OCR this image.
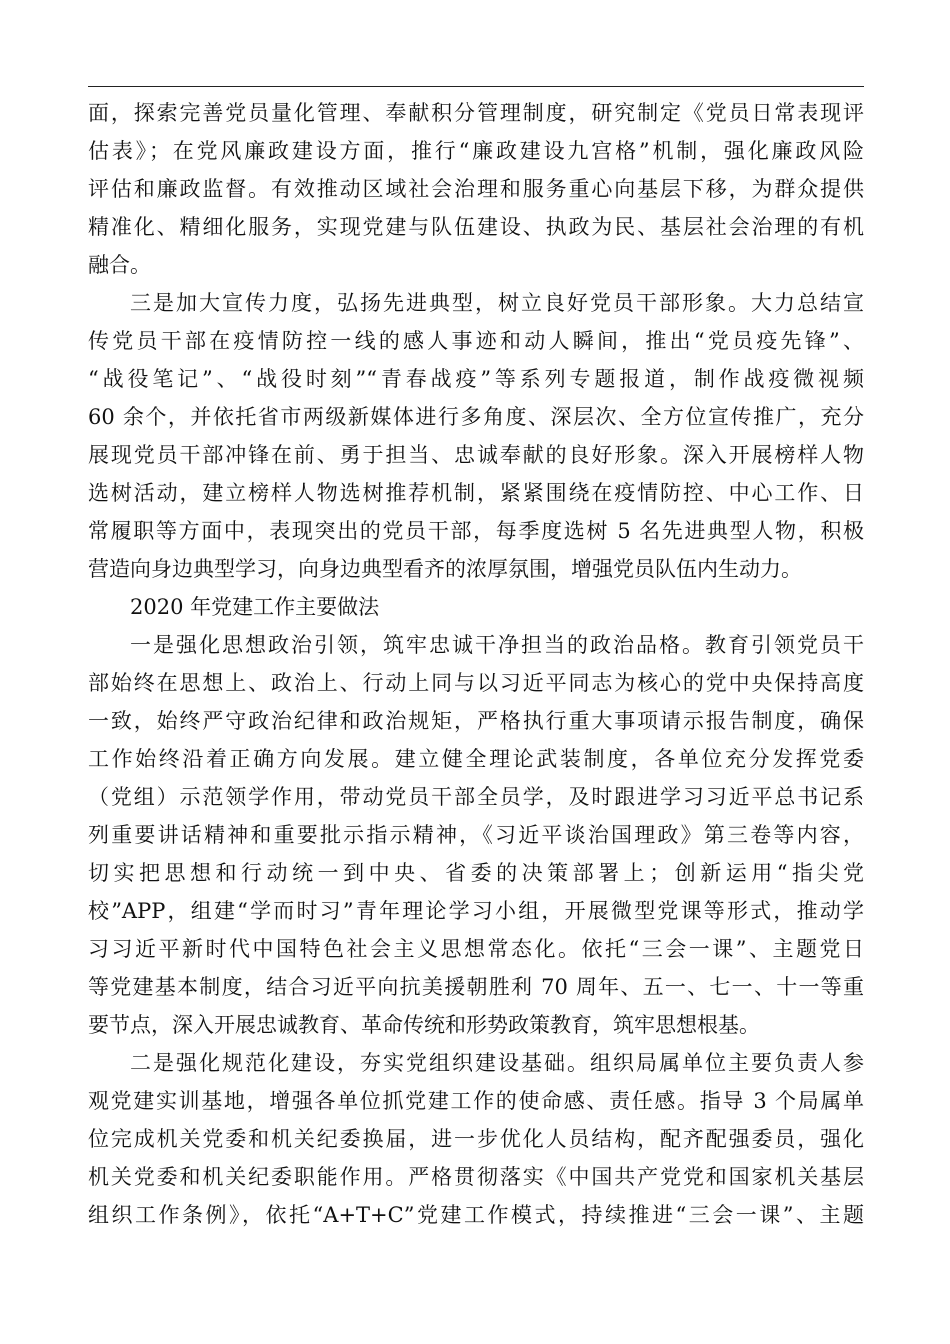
面，探索完善党员量化管理、奉献积分管理制度，研究制定《党员日常表现评
估表》；在党风廉政建设方面，推行“廉政建设九宫格”机制，强化廉政风险
评估和廉政监督。有效推动区域社会治理和服务重心向基层下移，为群众提供
精准化、精细化服务，实现党建与队伍建设、执政为民、基层社会治理的有机
融合。
三是加大宣传力度，弘扬先进典型，树立良好党员干部形象。大力总结宣
传党员干部在疫情防控一线的感人事迹和动人瞬间，推出“党员疫先锋”、
“战役笔记”、“战役时刻”“青春战疫”等系列专题报道，制作战疫微视频
60 余个，并依托省市两级新媒体进行多角度、深层次、全方位宣传推广，充分
展现党员干部冲锋在前、勇于担当、忠诚奉献的良好形象。深入开展榜样人物
选树活动，建立榜样人物选树推荐机制，紧紧围绕在疫情防控、中心工作、日
常履职等方面中，表现突出的党员干部，每季度选树 5 名先进典型人物，积极
营造向身边典型学习，向身边典型看齐的浓厚氛围，增强党员队伍内生动力。
2020 年党建工作主要做法
一是强化思想政治引领，筑牢忠诚干净担当的政治品格。教育引领党员干
部始终在思想上、政治上、行动上同与以习近平同志为核心的党中央保持高度
一致，始终严守政治纪律和政治规矩，严格执行重大事项请示报告制度，确保
工作始终沿着正确方向发展。建立健全理论武装制度，各单位充分发挥党委
（党组）示范领学作用，带动党员干部全员学，及时跟进学习习近平总书记系
列重要讲话精神和重要批示指示精神，《习近平谈治国理政》第三卷等内容，
切实把思想和行动统一到中央、省委的决策部署上；创新运用“指尖党
校”APP，组建“学而时习”青年理论学习小组，开展微型党课等形式，推动学
习习近平新时代中国特色社会主义思想常态化。依托“三会一课”、主题党日
等党建基本制度，结合习近平向抗美援朝胜利 70 周年、五一、七一、十一等重
要节点，深入开展忠诚教育、革命传统和形势政策教育，筑牢思想根基。
二是强化规范化建设，夯实党组织建设基础。组织局属单位主要负责人参
观党建实训基地，增强各单位抓党建工作的使命感、责任感。指导 3 个局属单
位完成机关党委和机关纪委换届，进一步优化人员结构，配齐配强委员，强化
机关党委和机关纪委职能作用。严格贯彻落实《中国共产党党和国家机关基层
组织工作条例》，依托“A+T+C”党建工作模式，持续推进“三会一课”、主题
